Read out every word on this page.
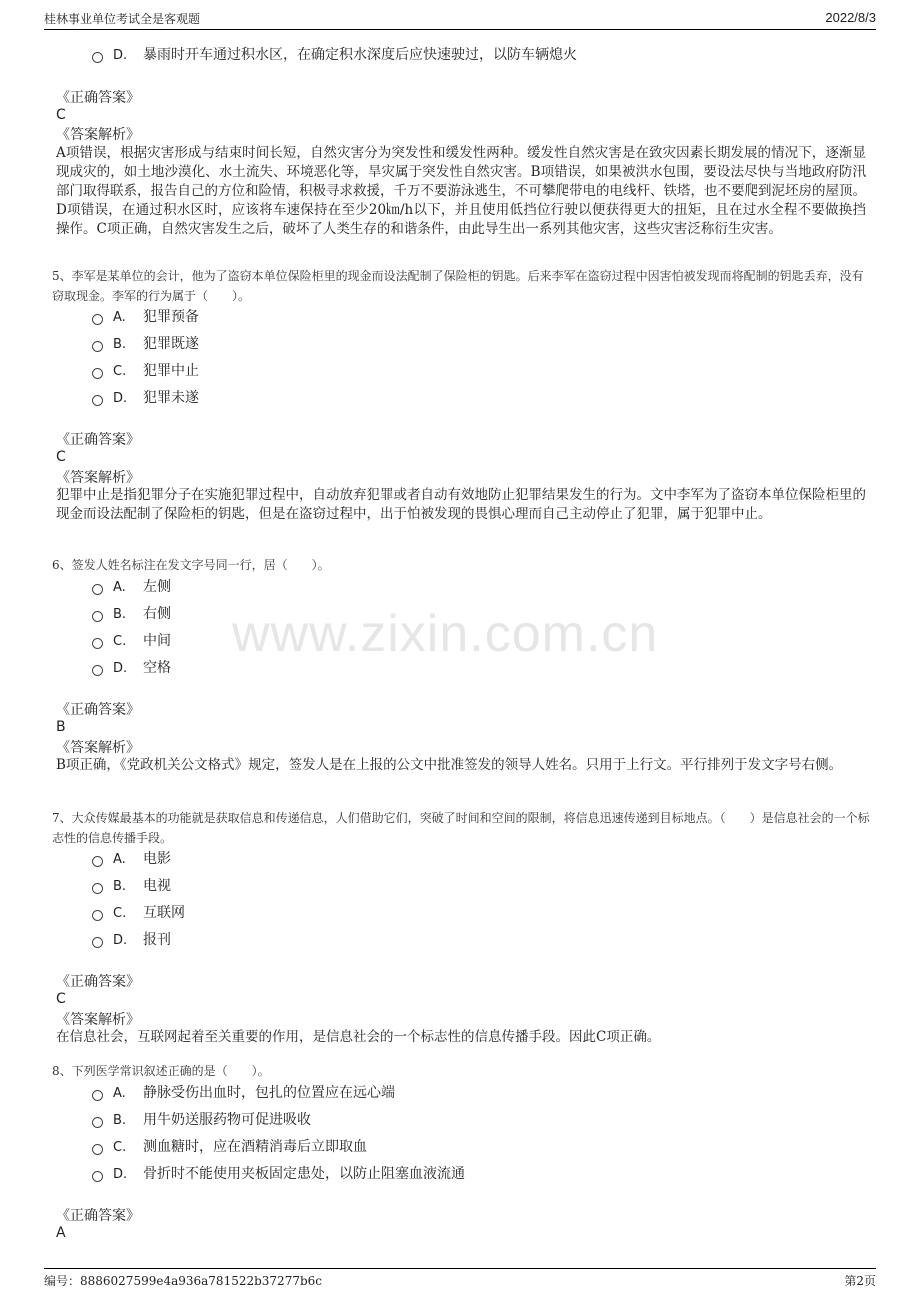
桂林事业单位考试全是客观题	2022/8/3
www.zixin.com.cn
D. 暴雨时开车通过积水区，在确定积水深度后应快速驶过，以防车辆熄火
《正确答案》
C
《答案解析》
A项错误，根据灾害形成与结束时间长短，自然灾害分为突发性和缓发性两种。缓发性自然灾害是在致灾因素长期发展的情况下，逐渐显现成灾的，如土地沙漠化、水土流失、环境恶化等，旱灾属于突发性自然灾害。B项错误，如果被洪水包围，要设法尽快与当地政府防汛部门取得联系，报告自己的方位和险情，积极寻求救援，千万不要游泳逃生，不可攀爬带电的电线杆、铁塔，也不要爬到泥坯房的屋顶。D项错误，在通过积水区时，应该将车速保持在至少20㎞/h以下，并且使用低挡位行驶以便获得更大的扭矩，且在过水全程不要做换挡操作。C项正确，自然灾害发生之后，破坏了人类生存的和谐条件，由此导生出一系列其他灾害，这些灾害泛称衍生灾害。
5、李军是某单位的会计，他为了盗窃本单位保险柜里的现金而设法配制了保险柜的钥匙。后来李军在盗窃过程中因害怕被发现而将配制的钥匙丢弃，没有窃取现金。李军的行为属于（　　）。
A. 犯罪预备
B. 犯罪既遂
C. 犯罪中止
D. 犯罪未遂
《正确答案》
C
《答案解析》
犯罪中止是指犯罪分子在实施犯罪过程中，自动放弃犯罪或者自动有效地防止犯罪结果发生的行为。文中李军为了盗窃本单位保险柜里的现金而设法配制了保险柜的钥匙，但是在盗窃过程中，出于怕被发现的畏惧心理而自己主动停止了犯罪，属于犯罪中止。
6、签发人姓名标注在发文字号同一行，居（　　）。
A. 左侧
B. 右侧
C. 中间
D. 空格
《正确答案》
B
《答案解析》
B项正确，《党政机关公文格式》规定，签发人是在上报的公文中批准签发的领导人姓名。只用于上行文。平行排列于发文字号右侧。
7、大众传媒最基本的功能就是获取信息和传递信息，人们借助它们，突破了时间和空间的限制，将信息迅速传递到目标地点。（　　）是信息社会的一个标志性的信息传播手段。
A. 电影
B. 电视
C. 互联网
D. 报刊
《正确答案》
C
《答案解析》
在信息社会，互联网起着至关重要的作用，是信息社会的一个标志性的信息传播手段。因此C项正确。
8、下列医学常识叙述正确的是（　　）。
A. 静脉受伤出血时，包扎的位置应在远心端
B. 用牛奶送服药物可促进吸收
C. 测血糖时，应在酒精消毒后立即取血
D. 骨折时不能使用夹板固定患处，以防止阻塞血液流通
《正确答案》
A
编号：8886027599e4a936a781522b37277b6c	第2页
